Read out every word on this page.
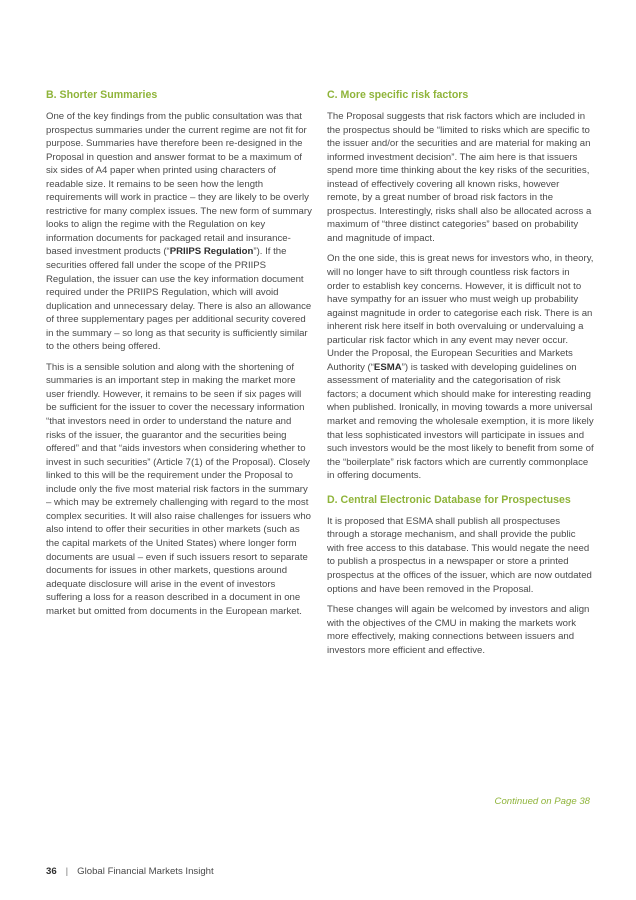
B. Shorter Summaries

One of the key findings from the public consultation was that prospectus summaries under the current regime are not fit for purpose. Summaries have therefore been re-designed in the Proposal in question and answer format to be a maximum of six sides of A4 paper when printed using characters of readable size. It remains to be seen how the length requirements will work in practice – they are likely to be overly restrictive for many complex issues. The new form of summary looks to align the regime with the Regulation on key information documents for packaged retail and insurance-based investment products (“PRIIPS Regulation”). If the securities offered fall under the scope of the PRIIPS Regulation, the issuer can use the key information document required under the PRIIPS Regulation, which will avoid duplication and unnecessary delay. There is also an allowance of three supplementary pages per additional security covered in the summary – so long as that security is sufficiently similar to the others being offered.

This is a sensible solution and along with the shortening of summaries is an important step in making the market more user friendly. However, it remains to be seen if six pages will be sufficient for the issuer to cover the necessary information “that investors need in order to understand the nature and risks of the issuer, the guarantor and the securities being offered” and that “aids investors when considering whether to invest in such securities” (Article 7(1) of the Proposal). Closely linked to this will be the requirement under the Proposal to include only the five most material risk factors in the summary – which may be extremely challenging with regard to the most complex securities. It will also raise challenges for issuers who also intend to offer their securities in other markets (such as the capital markets of the United States) where longer form documents are usual – even if such issuers resort to separate documents for issues in other markets, questions around adequate disclosure will arise in the event of investors suffering a loss for a reason described in a document in one market but omitted from documents in the European market.

C. More specific risk factors

The Proposal suggests that risk factors which are included in the prospectus should be “limited to risks which are specific to the issuer and/or the securities and are material for making an informed investment decision”. The aim here is that issuers spend more time thinking about the key risks of the securities, instead of effectively covering all known risks, however remote, by a great number of broad risk factors in the prospectus. Interestingly, risks shall also be allocated across a maximum of “three distinct categories” based on probability and magnitude of impact.

On the one side, this is great news for investors who, in theory, will no longer have to sift through countless risk factors in order to establish key concerns. However, it is difficult not to have sympathy for an issuer who must weigh up probability against magnitude in order to categorise each risk. There is an inherent risk here itself in both overvaluing or undervaluing a particular risk factor which in any event may never occur. Under the Proposal, the European Securities and Markets Authority (“ESMA”) is tasked with developing guidelines on assessment of materiality and the categorisation of risk factors; a document which should make for interesting reading when published. Ironically, in moving towards a more universal market and removing the wholesale exemption, it is more likely that less sophisticated investors will participate in issues and such investors would be the most likely to benefit from some of the “boilerplate” risk factors which are currently commonplace in offering documents.

D. Central Electronic Database for Prospectuses

It is proposed that ESMA shall publish all prospectuses through a storage mechanism, and shall provide the public with free access to this database. This would negate the need to publish a prospectus in a newspaper or store a printed prospectus at the offices of the issuer, which are now outdated options and have been removed in the Proposal.

These changes will again be welcomed by investors and align with the objectives of the CMU in making the markets work more effectively, making connections between issuers and investors more efficient and effective.

Continued on Page 38
36 | Global Financial Markets Insight
